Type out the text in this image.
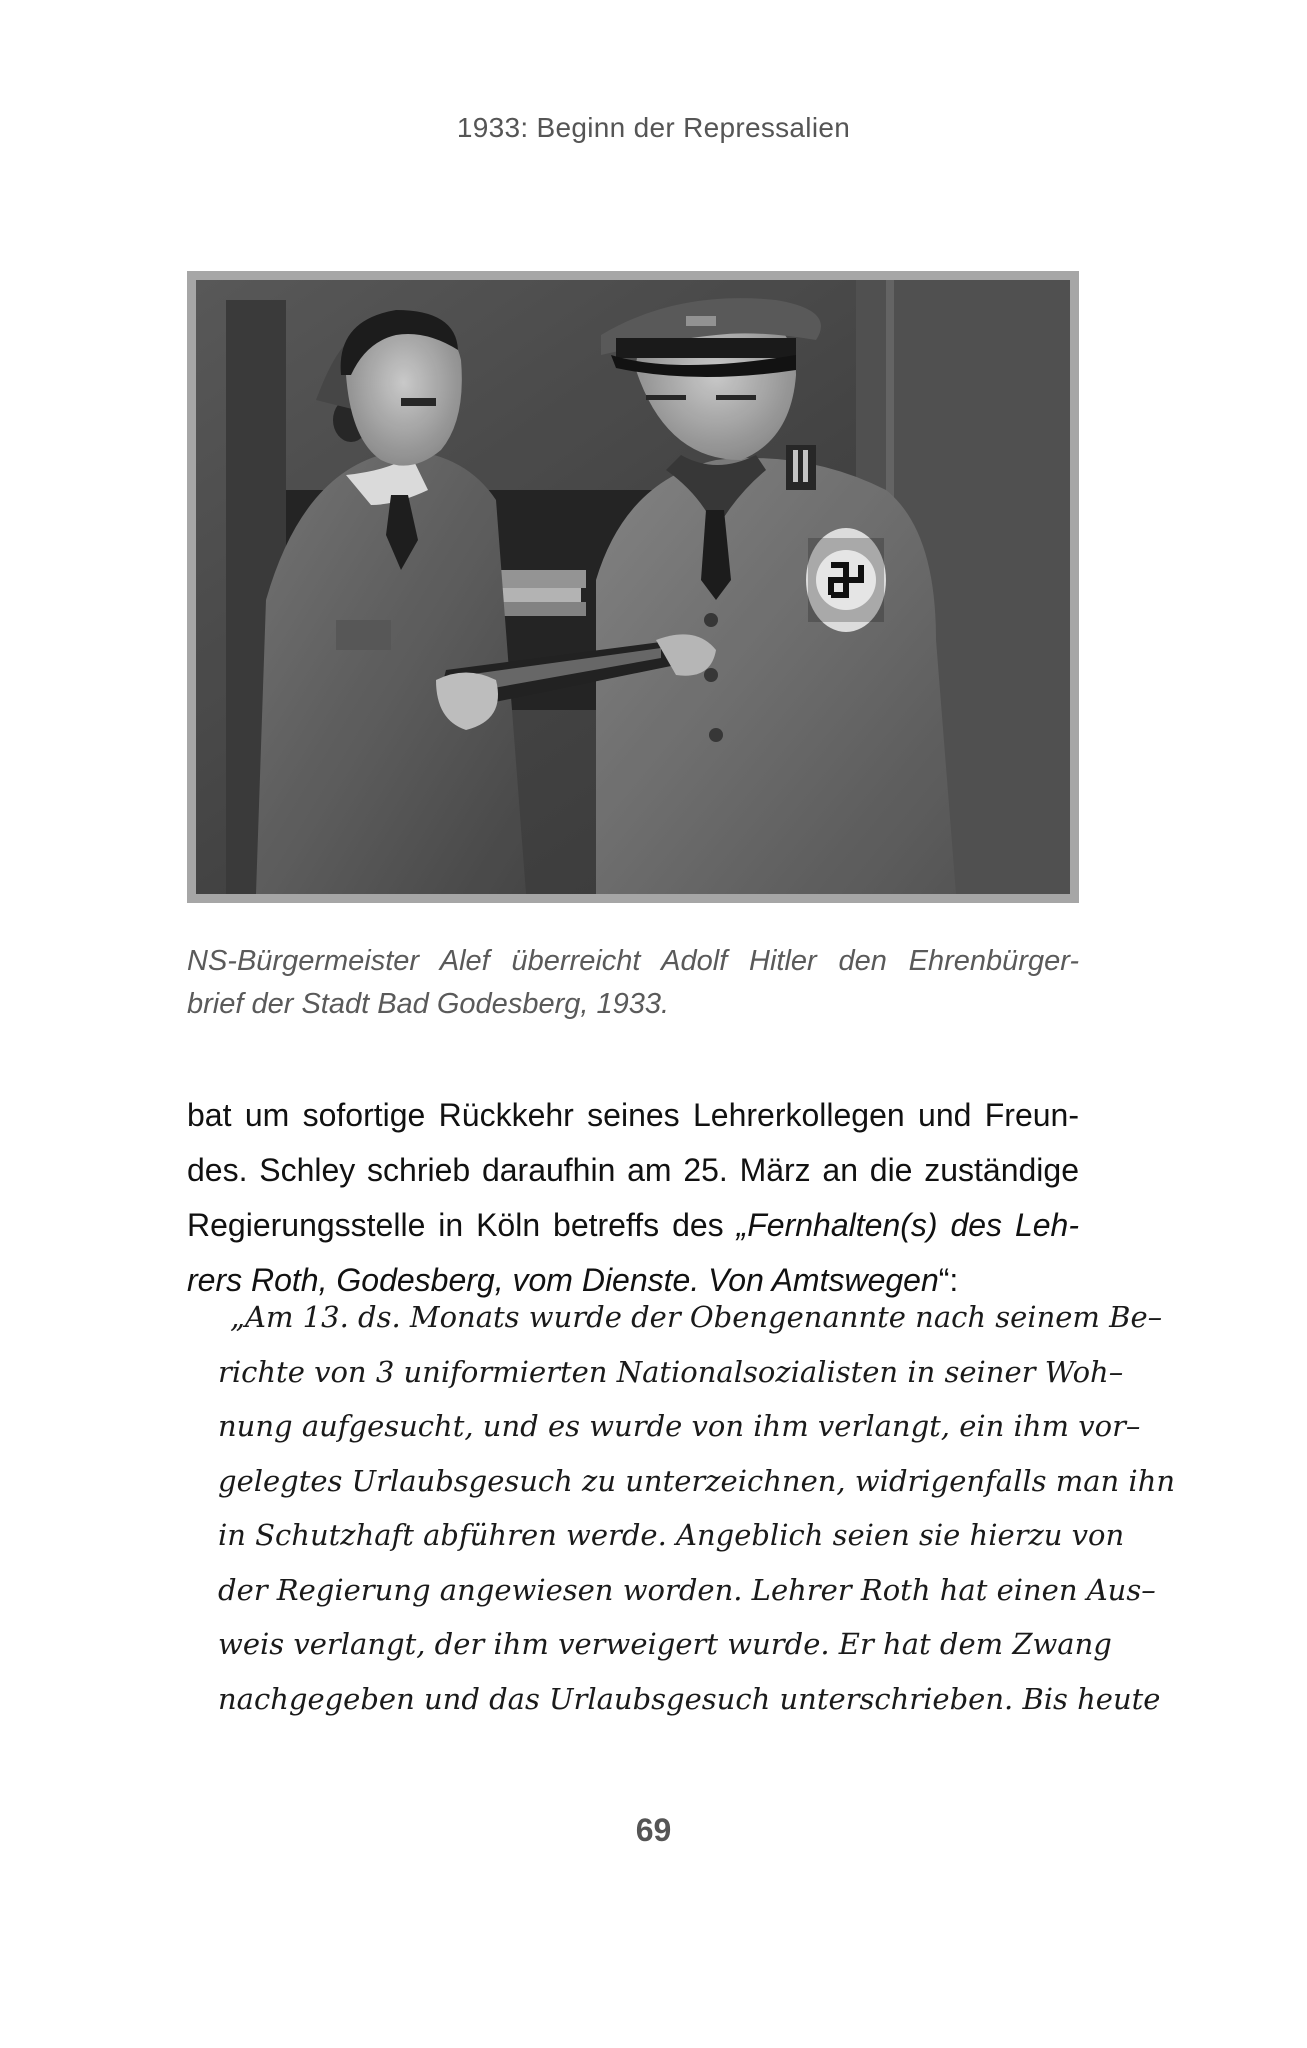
1933: Beginn der Repressalien
NS-Bürgermeister Alef überreicht Adolf Hitler den Ehrenbürger-
brief der Stadt Bad Godesberg, 1933.
bat um sofortige Rückkehr seines Lehrerkollegen und Freun-
des. Schley schrieb daraufhin am 25. März an die zuständige
Regierungsstelle in Köln betreffs des „Fernhalten(s) des Leh-
rers Roth, Godesberg, vom Dienste. Von Amtswegen“:
„Am 13. ds. Monats wurde der Obengenannte nach seinem Be–
richte von 3 uniformierten Nationalsozialisten in seiner Woh–
nung aufgesucht, und es wurde von ihm verlangt, ein ihm vor–
gelegtes Urlaubsgesuch zu unterzeichnen, widrigenfalls man ihn
in Schutzhaft abführen werde. Angeblich seien sie hierzu von
der Regierung angewiesen worden. Lehrer Roth hat einen Aus–
weis verlangt, der ihm verweigert wurde. Er hat dem Zwang
nachgegeben und das Urlaubsgesuch unterschrieben. Bis heute
69
